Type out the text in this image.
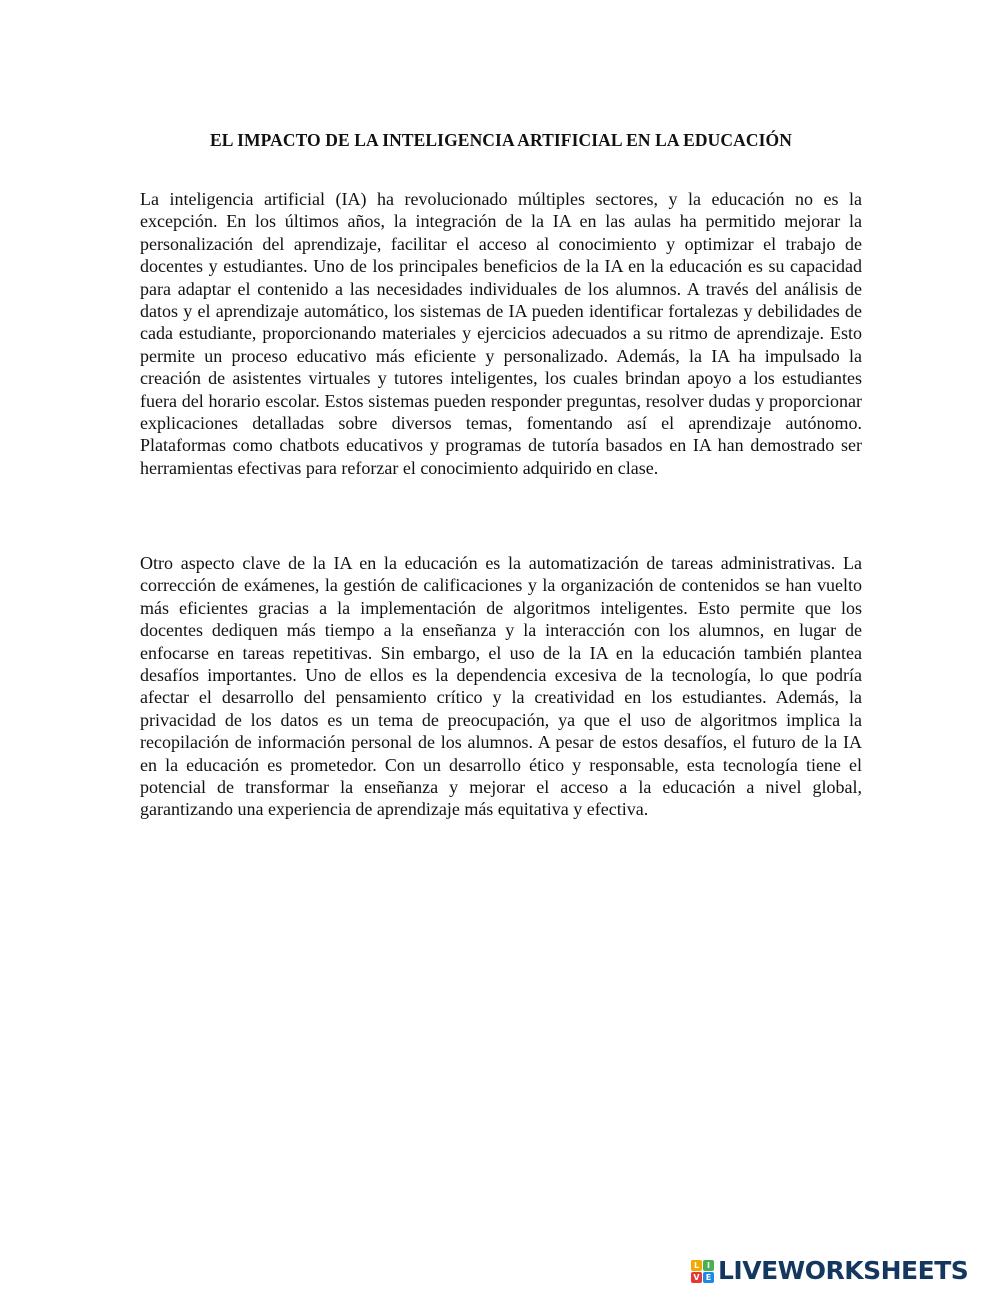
EL IMPACTO DE LA INTELIGENCIA ARTIFICIAL EN LA EDUCACIÓN

La inteligencia artificial (IA) ha revolucionado múltiples sectores, y la educación no es la excepción. En los últimos años, la integración de la IA en las aulas ha permitido mejorar la personalización del aprendizaje, facilitar el acceso al conocimiento y optimizar el trabajo de docentes y estudiantes. Uno de los principales beneficios de la IA en la educación es su capacidad para adaptar el contenido a las necesidades individuales de los alumnos. A través del análisis de datos y el aprendizaje automático, los sistemas de IA pueden identificar fortalezas y debilidades de cada estudiante, proporcionando materiales y ejercicios adecuados a su ritmo de aprendizaje. Esto permite un proceso educativo más eficiente y personalizado. Además, la IA ha impulsado la creación de asistentes virtuales y tutores inteligentes, los cuales brindan apoyo a los estudiantes fuera del horario escolar. Estos sistemas pueden responder preguntas, resolver dudas y proporcionar explicaciones detalladas sobre diversos temas, fomentando así el aprendizaje autónomo. Plataformas como chatbots educativos y programas de tutoría basados en IA han demostrado ser herramientas efectivas para reforzar el conocimiento adquirido en clase.

Otro aspecto clave de la IA en la educación es la automatización de tareas administrativas. La corrección de exámenes, la gestión de calificaciones y la organización de contenidos se han vuelto más eficientes gracias a la implementación de algoritmos inteligentes. Esto permite que los docentes dediquen más tiempo a la enseñanza y la interacción con los alumnos, en lugar de enfocarse en tareas repetitivas. Sin embargo, el uso de la IA en la educación también plantea desafíos importantes. Uno de ellos es la dependencia excesiva de la tecnología, lo que podría afectar el desarrollo del pensamiento crítico y la creatividad en los estudiantes. Además, la privacidad de los datos es un tema de preocupación, ya que el uso de algoritmos implica la recopilación de información personal de los alumnos. A pesar de estos desafíos, el futuro de la IA en la educación es prometedor. Con un desarrollo ético y responsable, esta tecnología tiene el potencial de transformar la enseñanza y mejorar el acceso a la educación a nivel global, garantizando una experiencia de aprendizaje más equitativa y efectiva.

L I
V E LIVEWORKSHEETS
